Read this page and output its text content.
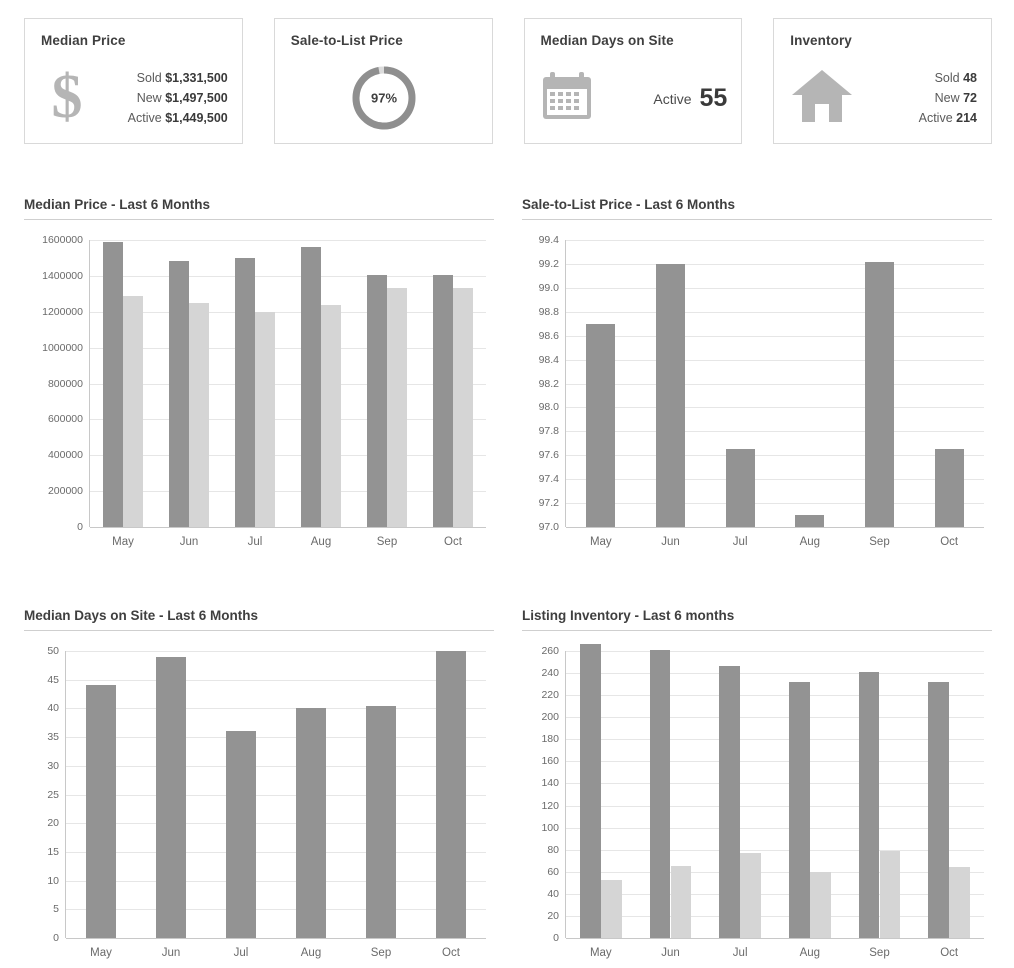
Median Price
$	Sold $1,331,500
New $1,497,500
Active $1,449,500
Sale-to-List Price
97%
Median Days on Site
Active 55
Inventory
Sold 48
New 72
Active 214
Median Price - Last 6 Months
0
200000
400000
600000
800000
1000000
1200000
1400000
1600000
May	Jun	Jul	Aug	Sep	Oct
Sale-to-List Price - Last 6 Months
97.0
97.2
97.4
97.6
97.8
98.0
98.2
98.4
98.6
98.8
99.0
99.2
99.4
May	Jun	Jul	Aug	Sep	Oct
Median Days on Site - Last 6 Months
0
5
10
15
20
25
30
35
40
45
50
May	Jun	Jul	Aug	Sep	Oct
Listing Inventory - Last 6 months
0
20
40
60
80
100
120
140
160
180
200
220
240
260
May	Jun	Jul	Aug	Sep	Oct
